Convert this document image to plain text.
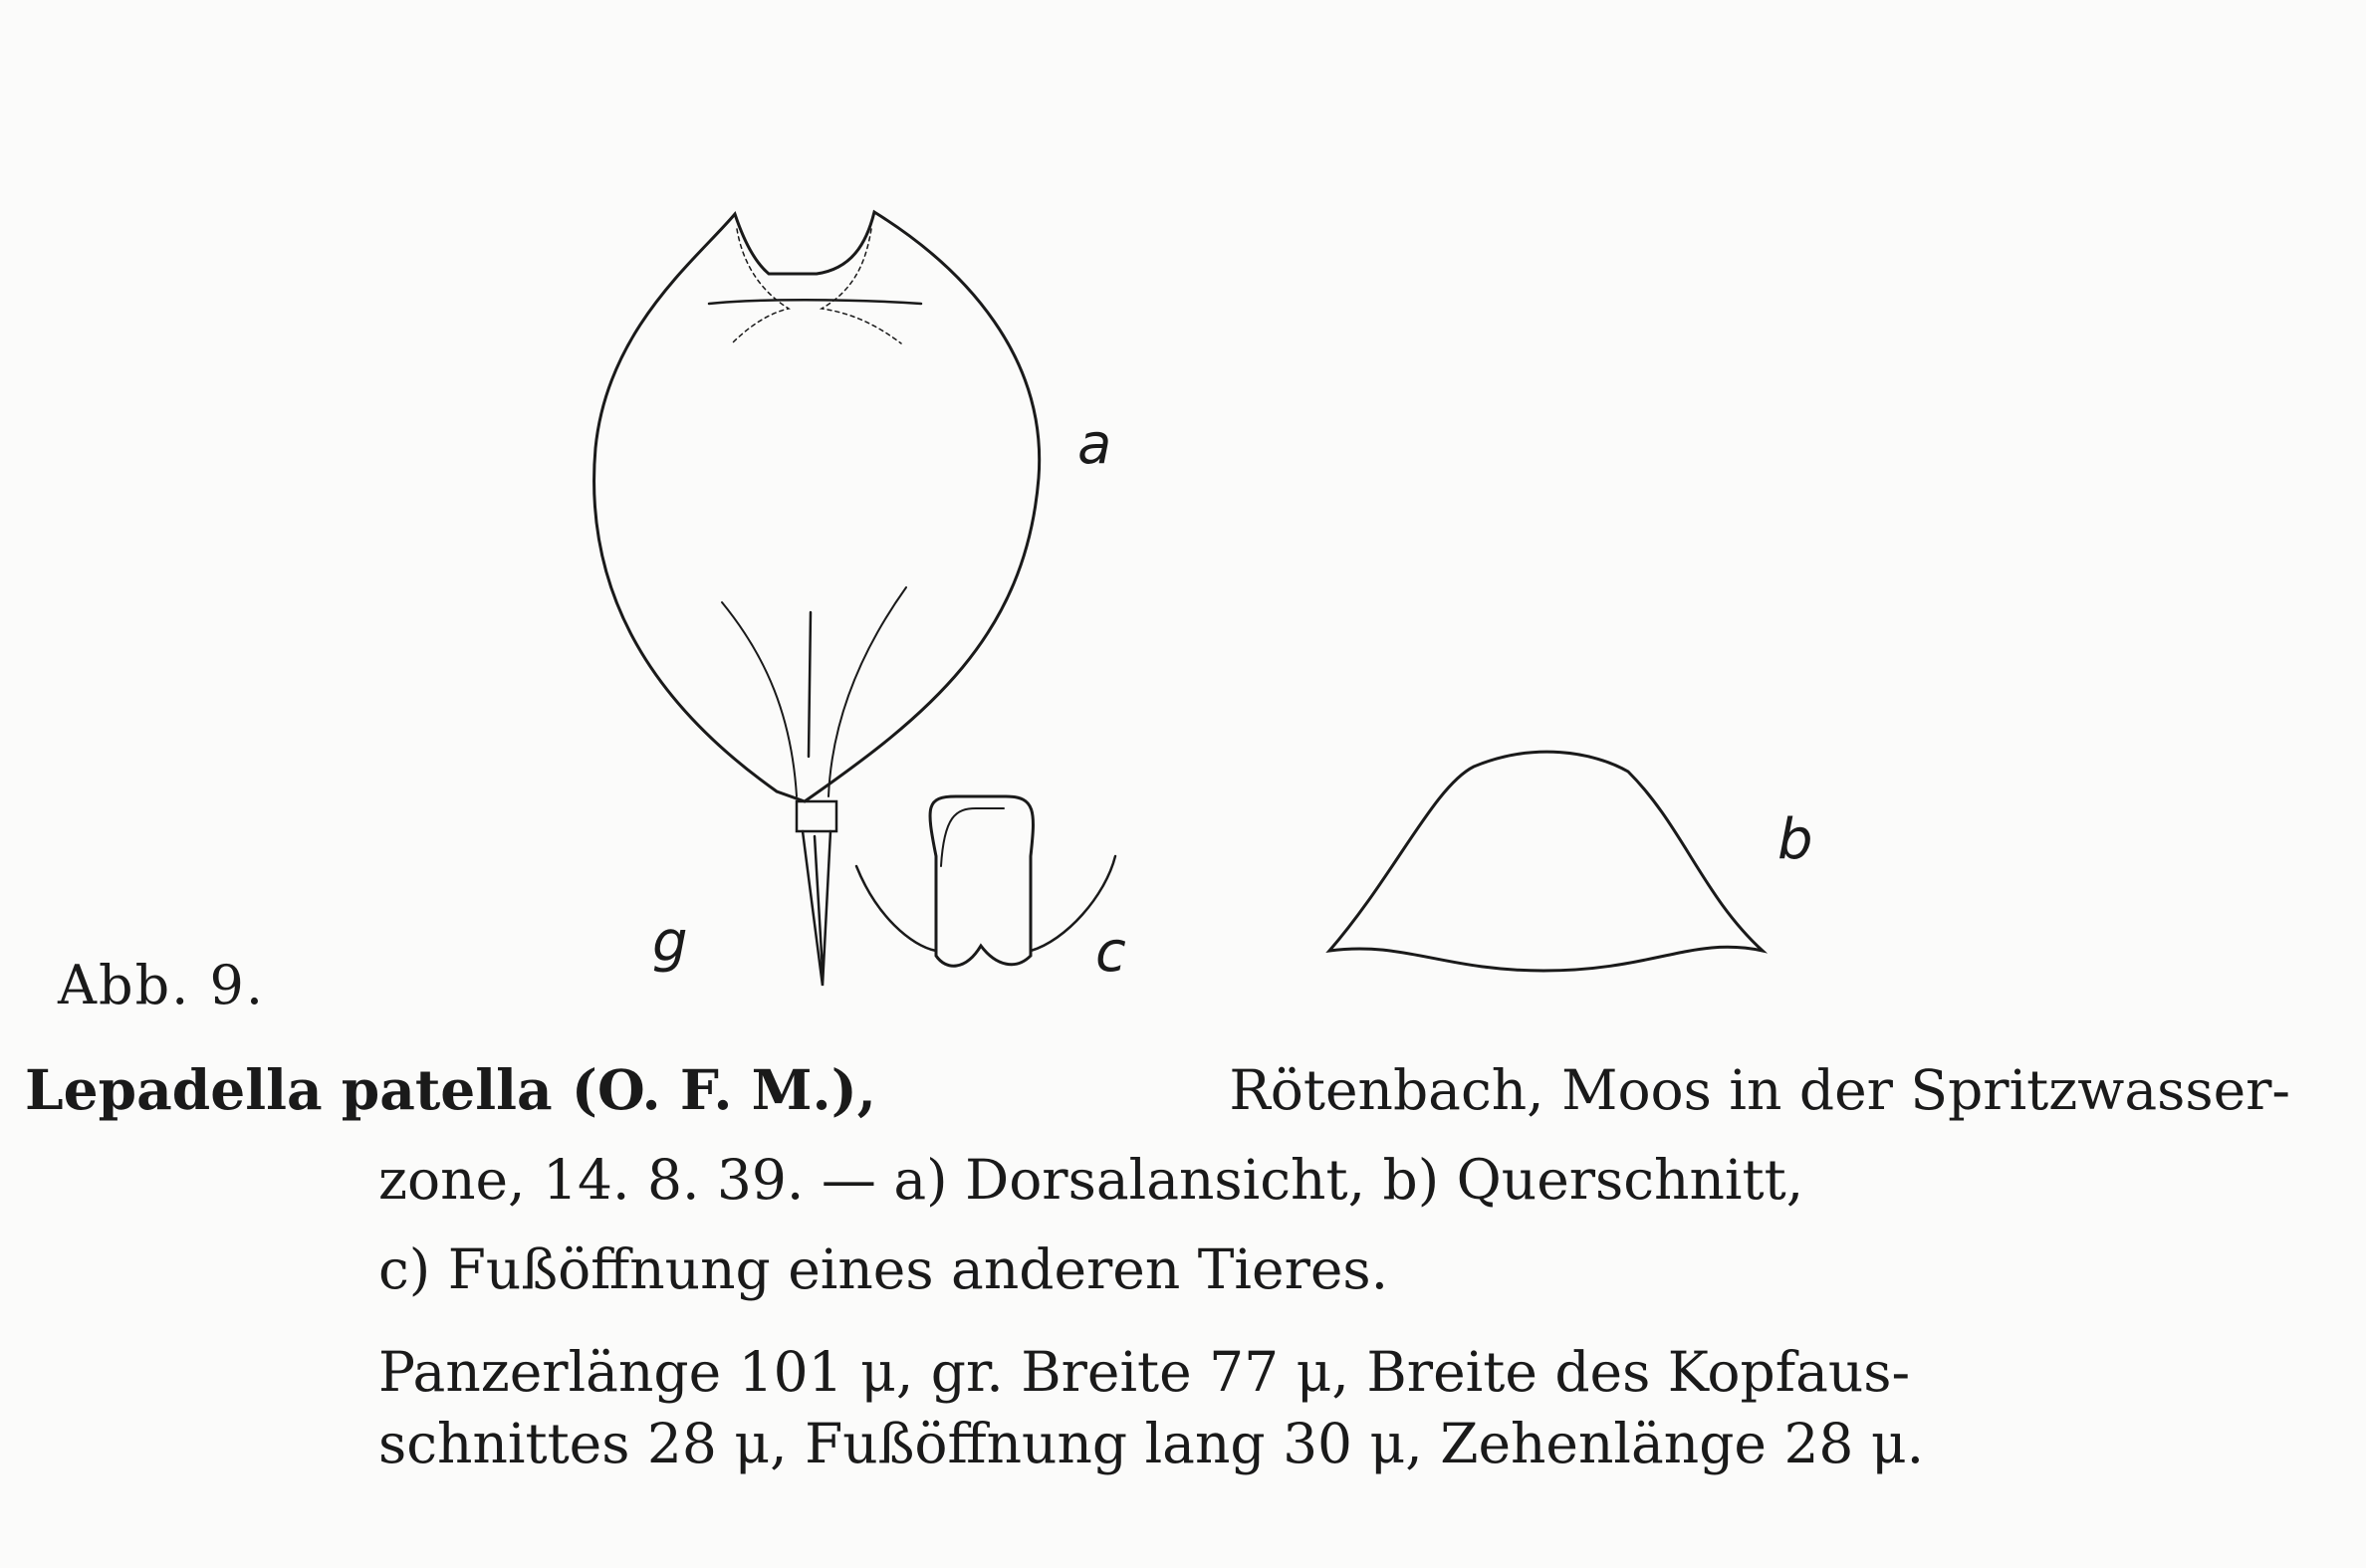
a
b
c
g
Abb. 9.
Lepadella patella (O. F. M.),	Rötenbach, Moos in der Spritzwasser-
zone, 14. 8. 39. — a) Dorsalansicht, b) Querschnitt,
c) Fußöffnung eines anderen Tieres.
Panzerlänge 101 μ, gr. Breite 77 μ, Breite des Kopfaus-
schnittes 28 μ, Fußöffnung lang 30 μ, Zehenlänge 28 μ.
